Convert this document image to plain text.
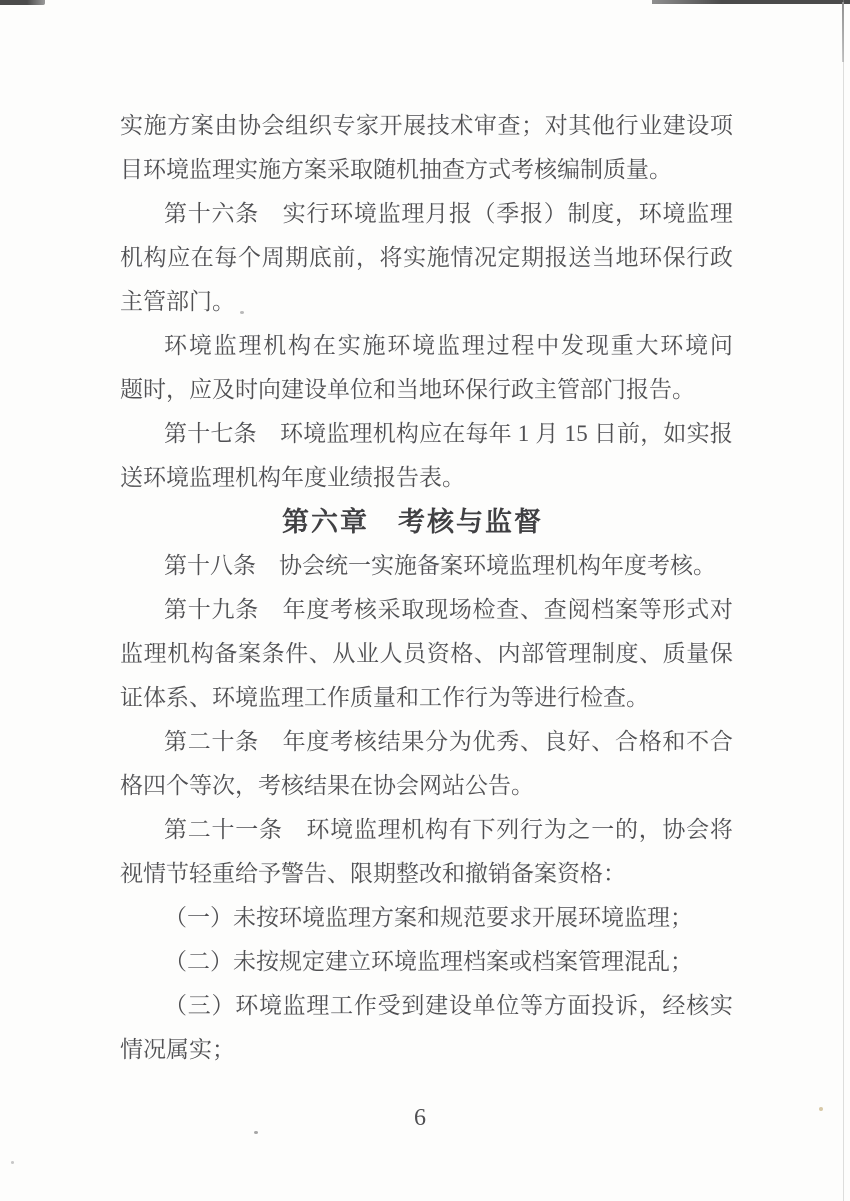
实 施 方 案 由 协 会 组 织 专 家 开 展 技 术 审 查 ； 对 其 他 行 业 建 设 项
目环境监理实施方案采取随机抽查方式考核编制质量。
第 十 六 条
　 实 行 环 境 监 理 月 报 （ 季 报 ） 制 度 ， 环 境 监 理
机 构 应 在 每 个 周 期 底 前 ， 将 实 施 情 况 定 期 报 送 当 地 环 保 行 政
主管部门。
环 境 监 理 机 构 在 实 施 环 境 监 理 过 程 中 发 现 重 大 环 境 问
题时，应及时向建设单位和当地环保行政主管部门报告。
第 十 七 条
　 环 境 监 理 机 构 应 在 每 年
1
月
1 5
日 前 ， 如 实 报
送环境监理机构年度业绩报告表。
第六章　考核与监督
第十八条　协会统一实施备案环境监理机构年度考核。
第 十 九 条
　 年 度 考 核 采 取 现 场 检 查 、 查 阅 档 案 等 形 式 对
监 理 机 构 备 案 条 件 、 从 业 人 员 资 格 、 内 部 管 理 制 度 、 质 量 保
证体系、环境监理工作质量和工作行为等进行检查。
第 二 十 条
　 年 度 考 核 结 果 分 为 优 秀 、 良 好 、 合 格 和 不 合
格四个等次，考核结果在协会网站公告。
第 二 十 一 条
　 环 境 监 理 机 构 有 下 列 行 为 之 一 的 ， 协 会 将
视情节轻重给予警告、限期整改和撤销备案资格：
（一）未按环境监理方案和规范要求开展环境监理；
（二）未按规定建立环境监理档案或档案管理混乱；
（ 三 ） 环 境 监 理 工 作 受 到 建 设 单 位 等 方 面 投 诉 ， 经 核 实
情况属实；
6
